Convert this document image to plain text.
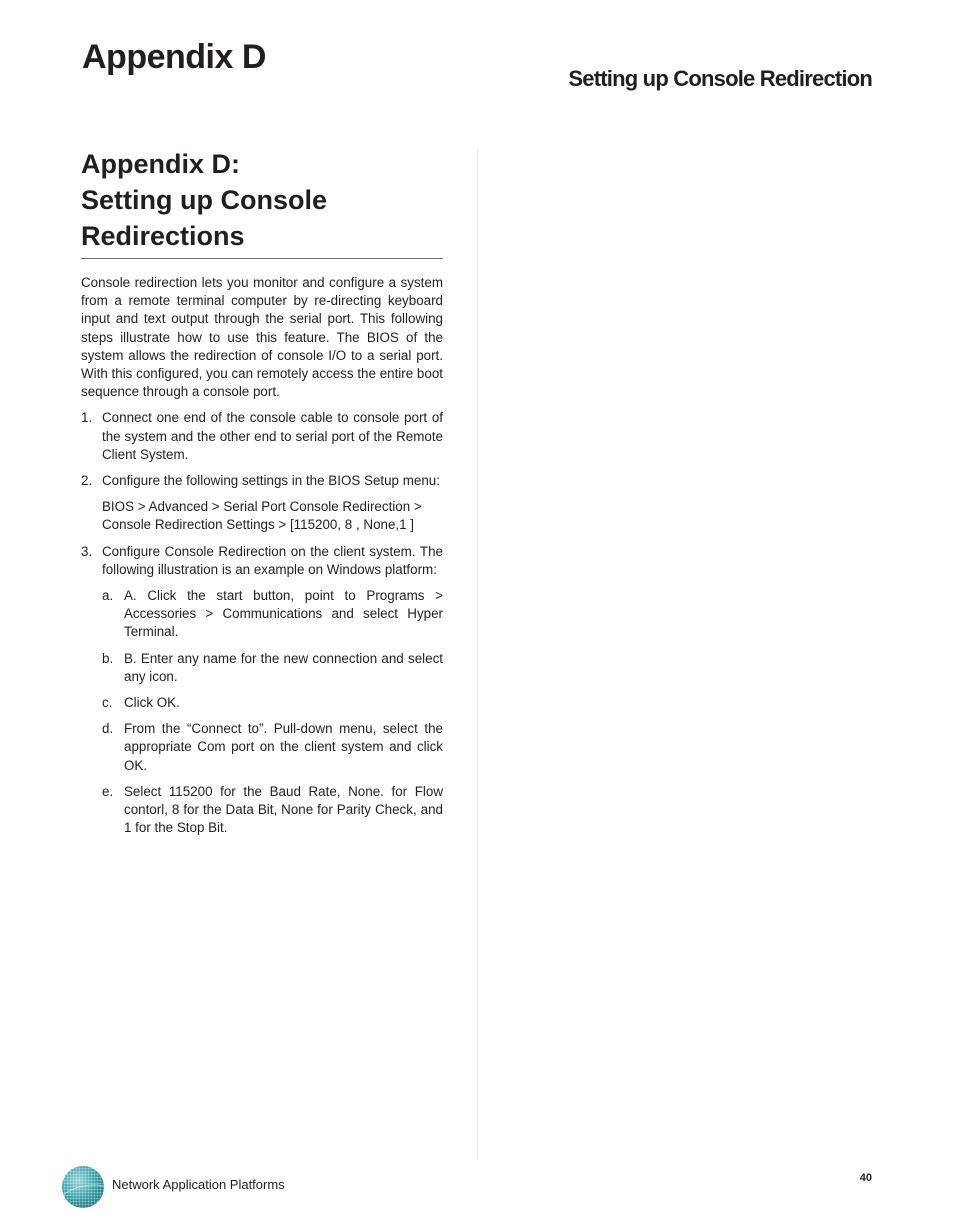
Appendix D
Setting up Console Redirection
Appendix D:
Setting up Console
Redirections

Console redirection lets you monitor and configure a system from a remote terminal computer by re-directing keyboard input and text output through the serial port. This following steps illustrate how to use this feature. The BIOS of the system allows the redirection of console I/O to a serial port. With this configured, you can remotely access the entire boot sequence through a console port.

1. Connect one end of the console cable to console port of the system and the other end to serial port of the Remote Client System.
2. Configure the following settings in the BIOS Setup menu:
BIOS > Advanced > Serial Port Console Redirection > Console Redirection Settings > [115200, 8 , None,1 ]
3. Configure Console Redirection on the client system. The following illustration is an example on Windows platform:
a. A. Click the start button, point to Programs > Accessories > Communications and select Hyper Terminal.
b. B. Enter any name for the new connection and select any icon.
c. Click OK.
d. From the “Connect to”. Pull-down menu, select the appropriate Com port on the client system and click OK.
e. Select 115200 for the Baud Rate, None. for Flow contorl, 8 for the Data Bit, None for Parity Check, and 1 for the Stop Bit.
Network Application Platforms	40
